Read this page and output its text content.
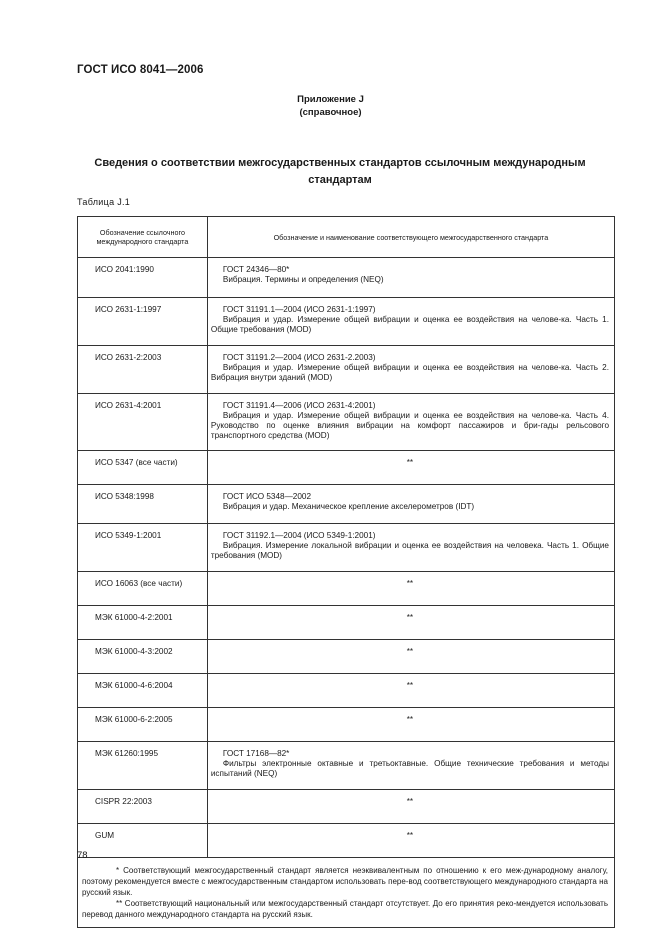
ГОСТ ИСО 8041—2006
Приложение J
(справочное)
Сведения о соответствии межгосударственных стандартов ссылочным международным стандартам
Таблица J.1
Обозначение ссылочного международного стандарта	Обозначение и наименование соответствующего межгосударственного стандарта
ИСО 2041:1990	ГОСТ 24346—80*
Вибрация. Термины и определения (NEQ)

ИСО 2631-1:1997	ГОСТ 31191.1—2004 (ИСО 2631-1:1997)
Вибрация и удар. Измерение общей вибрации и оценка ее воздействия на челове-ка. Часть 1. Общие требования (MOD)

ИСО 2631-2:2003	ГОСТ 31191.2—2004 (ИСО 2631-2.2003)
Вибрация и удар. Измерение общей вибрации и оценка ее воздействия на челове-ка. Часть 2. Вибрация внутри зданий (MOD)

ИСО 2631-4:2001	ГОСТ 31191.4—2006 (ИСО 2631-4:2001)
Вибрация и удар. Измерение общей вибрации и оценка ее воздействия на челове-ка. Часть 4. Руководство по оценке влияния вибрации на комфорт пассажиров и бри-гады рельсового транспортного средства (MOD)

ИСО 5347 (все части)	**
ИСО 5348:1998	ГОСТ ИСО 5348—2002
Вибрация и удар. Механическое крепление акселерометров (IDT)

ИСО 5349-1:2001	ГОСТ 31192.1—2004 (ИСО 5349-1:2001)
Вибрация. Измерение локальной вибрации и оценка ее воздействия на человека. Часть 1. Общие требования (MOD)

ИСО 16063 (все части)	**
МЭК 61000-4-2:2001	**
МЭК 61000-4-3:2002	**
МЭК 61000-4-6:2004	**
МЭК 61000-6-2:2005	**
МЭК 61260:1995	ГОСТ 17168—82*
Фильтры электронные октавные и третьоктавные. Общие технические требования и методы испытаний (NEQ)

CISPR 22:2003	**
GUM	**

* Соответствующий межгосударственный стандарт является неэквивалентным по отношению к его меж-дународному аналогу, поэтому рекомендуется вместе с межгосударственным стандартом использовать пере-вод соответствующего международного стандарта на русский язык.

** Соответствующий национальный или межгосударственный стандарт отсутствует. До его принятия реко-мендуется использовать перевод данного международного стандарта на русский язык.	

78
